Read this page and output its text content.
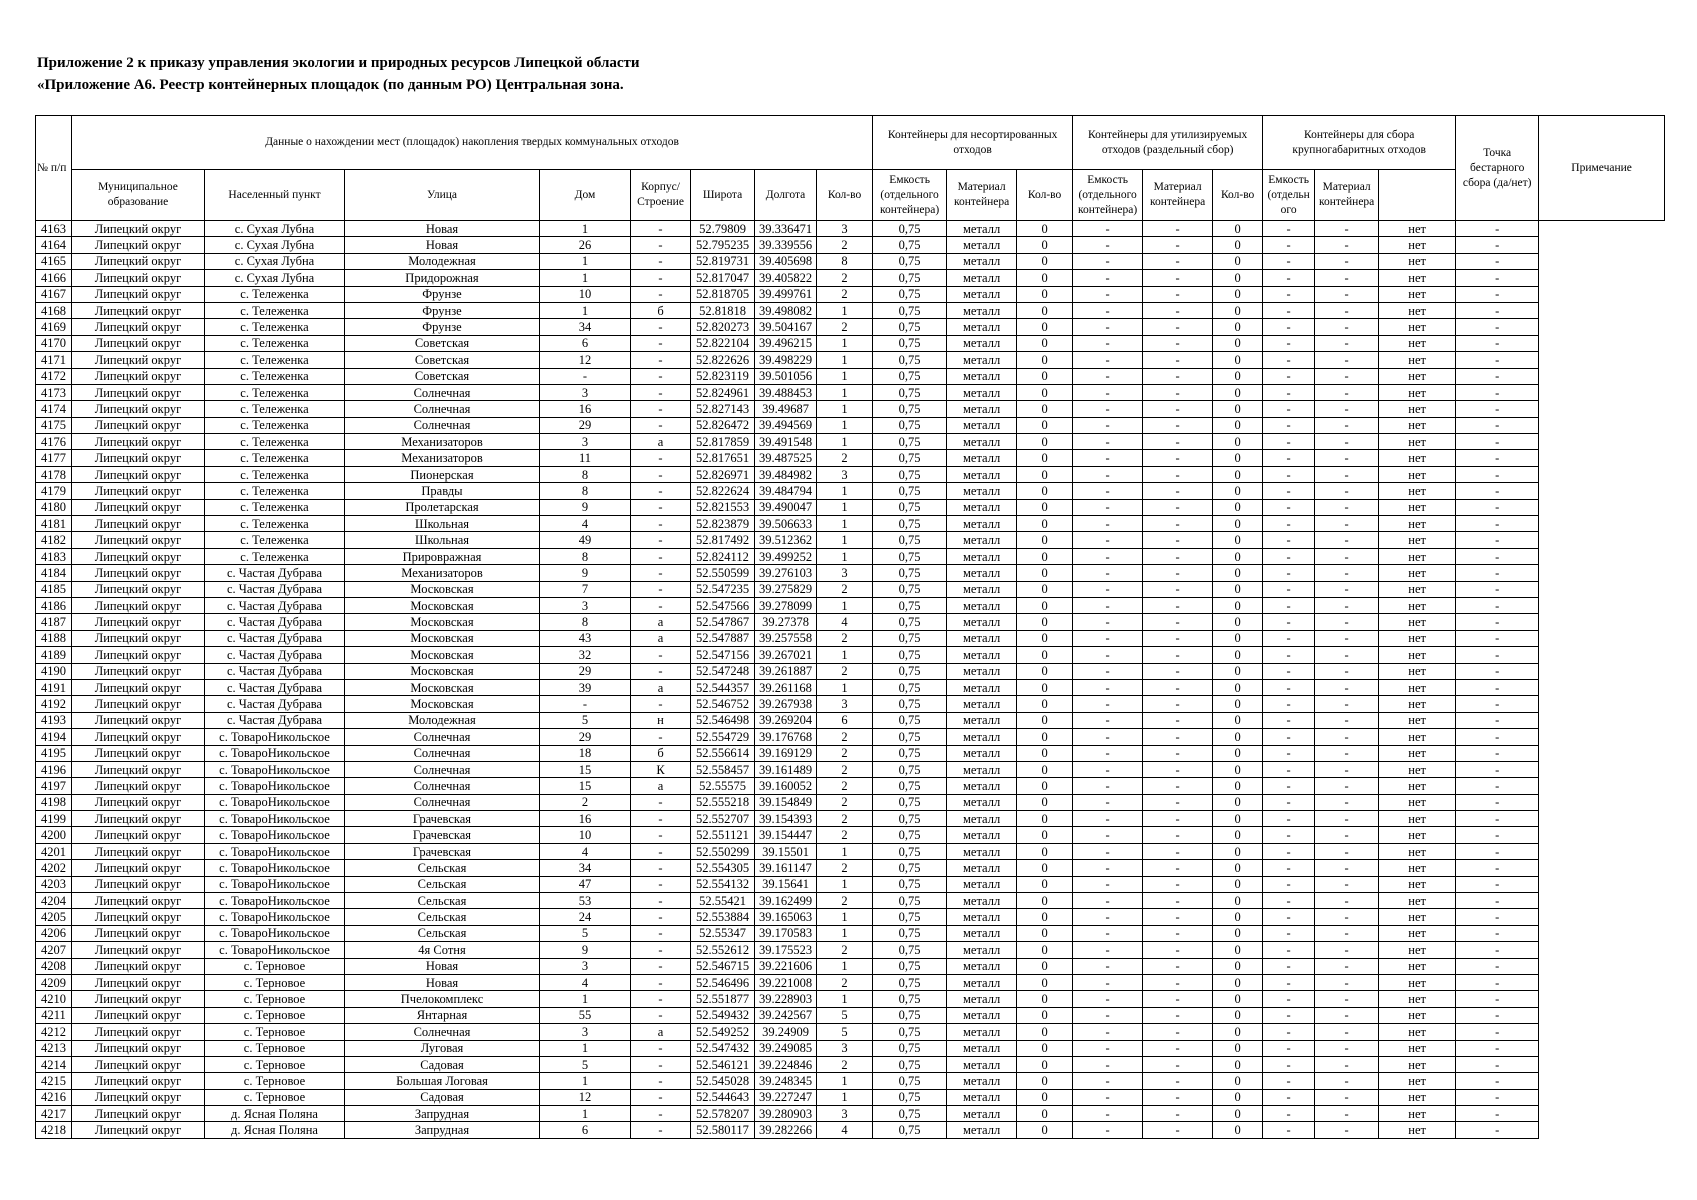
Приложение 2 к приказу управления экологии и природных ресурсов Липецкой области
«Приложение А6. Реестр контейнерных площадок (по данным РО) Центральная зона.
№ п/п	Данные о нахождении мест (площадок) накопления твердых коммунальных отходов								Контейнеры для несортированных отходов			Контейнеры для утилизируемых отходов (раздельный сбор)			Контейнеры для сбора крупногабаритных отходов			Точка бестарного сбора (да/нет)	Примечание
	Муниципальное образование	Населенный пункт	Улица	Дом	Корпус/ Строение	Широта	Долгота	Кол-во	Емкость (отдельного контейнера)	Материал контейнера	Кол-во	Емкость (отдельного контейнера)	Материал контейнера	Кол-во	Емкость (отдельн ого	Материал контейнера			
4163	Липецкий округ	с. Сухая Лубна	Новая	1	-	52.79809	39.336471	3	0,75	металл	0	-	-	0	-	-	нет	-	
4164	Липецкий округ	с. Сухая Лубна	Новая	26	-	52.795235	39.339556	2	0,75	металл	0	-	-	0	-	-	нет	-	
4165	Липецкий округ	с. Сухая Лубна	Молодежная	1	-	52.819731	39.405698	8	0,75	металл	0	-	-	0	-	-	нет	-	
4166	Липецкий округ	с. Сухая Лубна	Придорожная	1	-	52.817047	39.405822	2	0,75	металл	0	-	-	0	-	-	нет	-	
4167	Липецкий округ	с. Тележенка	Фрунзе	10	-	52.818705	39.499761	2	0,75	металл	0	-	-	0	-	-	нет	-	
4168	Липецкий округ	с. Тележенка	Фрунзе	1	б	52.81818	39.498082	1	0,75	металл	0	-	-	0	-	-	нет	-	
4169	Липецкий округ	с. Тележенка	Фрунзе	34	-	52.820273	39.504167	2	0,75	металл	0	-	-	0	-	-	нет	-	
4170	Липецкий округ	с. Тележенка	Советская	6	-	52.822104	39.496215	1	0,75	металл	0	-	-	0	-	-	нет	-	
4171	Липецкий округ	с. Тележенка	Советская	12	-	52.822626	39.498229	1	0,75	металл	0	-	-	0	-	-	нет	-	
4172	Липецкий округ	с. Тележенка	Советская	-	-	52.823119	39.501056	1	0,75	металл	0	-	-	0	-	-	нет	-	
4173	Липецкий округ	с. Тележенка	Солнечная	3	-	52.824961	39.488453	1	0,75	металл	0	-	-	0	-	-	нет	-	
4174	Липецкий округ	с. Тележенка	Солнечная	16	-	52.827143	39.49687	1	0,75	металл	0	-	-	0	-	-	нет	-	
4175	Липецкий округ	с. Тележенка	Солнечная	29	-	52.826472	39.494569	1	0,75	металл	0	-	-	0	-	-	нет	-	
4176	Липецкий округ	с. Тележенка	Механизаторов	3	а	52.817859	39.491548	1	0,75	металл	0	-	-	0	-	-	нет	-	
4177	Липецкий округ	с. Тележенка	Механизаторов	11	-	52.817651	39.487525	2	0,75	металл	0	-	-	0	-	-	нет	-	
4178	Липецкий округ	с. Тележенка	Пионерская	8	-	52.826971	39.484982	3	0,75	металл	0	-	-	0	-	-	нет	-	
4179	Липецкий округ	с. Тележенка	Правды	8	-	52.822624	39.484794	1	0,75	металл	0	-	-	0	-	-	нет	-	
4180	Липецкий округ	с. Тележенка	Пролетарская	9	-	52.821553	39.490047	1	0,75	металл	0	-	-	0	-	-	нет	-	
4181	Липецкий округ	с. Тележенка	Школьная	4	-	52.823879	39.506633	1	0,75	металл	0	-	-	0	-	-	нет	-	
4182	Липецкий округ	с. Тележенка	Школьная	49	-	52.817492	39.512362	1	0,75	металл	0	-	-	0	-	-	нет	-	
4183	Липецкий округ	с. Тележенка	Прировражная	8	-	52.824112	39.499252	1	0,75	металл	0	-	-	0	-	-	нет	-	
4184	Липецкий округ	с. Частая Дубрава	Механизаторов	9	-	52.550599	39.276103	3	0,75	металл	0	-	-	0	-	-	нет	-	
4185	Липецкий округ	с. Частая Дубрава	Московская	7	-	52.547235	39.275829	2	0,75	металл	0	-	-	0	-	-	нет	-	
4186	Липецкий округ	с. Частая Дубрава	Московская	3	-	52.547566	39.278099	1	0,75	металл	0	-	-	0	-	-	нет	-	
4187	Липецкий округ	с. Частая Дубрава	Московская	8	а	52.547867	39.27378	4	0,75	металл	0	-	-	0	-	-	нет	-	
4188	Липецкий округ	с. Частая Дубрава	Московская	43	а	52.547887	39.257558	2	0,75	металл	0	-	-	0	-	-	нет	-	
4189	Липецкий округ	с. Частая Дубрава	Московская	32	-	52.547156	39.267021	1	0,75	металл	0	-	-	0	-	-	нет	-	
4190	Липецкий округ	с. Частая Дубрава	Московская	29	-	52.547248	39.261887	2	0,75	металл	0	-	-	0	-	-	нет	-	
4191	Липецкий округ	с. Частая Дубрава	Московская	39	а	52.544357	39.261168	1	0,75	металл	0	-	-	0	-	-	нет	-	
4192	Липецкий округ	с. Частая Дубрава	Московская	-	-	52.546752	39.267938	3	0,75	металл	0	-	-	0	-	-	нет	-	
4193	Липецкий округ	с. Частая Дубрава	Молодежная	5	н	52.546498	39.269204	6	0,75	металл	0	-	-	0	-	-	нет	-	
4194	Липецкий округ	с. ТовароНикольское	Солнечная	29	-	52.554729	39.176768	2	0,75	металл	0	-	-	0	-	-	нет	-	
4195	Липецкий округ	с. ТовароНикольское	Солнечная	18	б	52.556614	39.169129	2	0,75	металл	0	-	-	0	-	-	нет	-	
4196	Липецкий округ	с. ТовароНикольское	Солнечная	15	К	52.558457	39.161489	2	0,75	металл	0	-	-	0	-	-	нет	-	
4197	Липецкий округ	с. ТовароНикольское	Солнечная	15	а	52.55575	39.160052	2	0,75	металл	0	-	-	0	-	-	нет	-	
4198	Липецкий округ	с. ТовароНикольское	Солнечная	2	-	52.555218	39.154849	2	0,75	металл	0	-	-	0	-	-	нет	-	
4199	Липецкий округ	с. ТовароНикольское	Грачевская	16	-	52.552707	39.154393	2	0,75	металл	0	-	-	0	-	-	нет	-	
4200	Липецкий округ	с. ТовароНикольское	Грачевская	10	-	52.551121	39.154447	2	0,75	металл	0	-	-	0	-	-	нет	-	
4201	Липецкий округ	с. ТовароНикольское	Грачевская	4	-	52.550299	39.15501	1	0,75	металл	0	-	-	0	-	-	нет	-	
4202	Липецкий округ	с. ТовароНикольское	Сельская	34	-	52.554305	39.161147	2	0,75	металл	0	-	-	0	-	-	нет	-	
4203	Липецкий округ	с. ТовароНикольское	Сельская	47	-	52.554132	39.15641	1	0,75	металл	0	-	-	0	-	-	нет	-	
4204	Липецкий округ	с. ТовароНикольское	Сельская	53	-	52.55421	39.162499	2	0,75	металл	0	-	-	0	-	-	нет	-	
4205	Липецкий округ	с. ТовароНикольское	Сельская	24	-	52.553884	39.165063	1	0,75	металл	0	-	-	0	-	-	нет	-	
4206	Липецкий округ	с. ТовароНикольское	Сельская	5	-	52.55347	39.170583	1	0,75	металл	0	-	-	0	-	-	нет	-	
4207	Липецкий округ	с. ТовароНикольское	4я Сотня	9	-	52.552612	39.175523	2	0,75	металл	0	-	-	0	-	-	нет	-	
4208	Липецкий округ	с. Терновое	Новая	3	-	52.546715	39.221606	1	0,75	металл	0	-	-	0	-	-	нет	-	
4209	Липецкий округ	с. Терновое	Новая	4	-	52.546496	39.221008	2	0,75	металл	0	-	-	0	-	-	нет	-	
4210	Липецкий округ	с. Терновое	Пчелокомплекс	1	-	52.551877	39.228903	1	0,75	металл	0	-	-	0	-	-	нет	-	
4211	Липецкий округ	с. Терновое	Янтарная	55	-	52.549432	39.242567	5	0,75	металл	0	-	-	0	-	-	нет	-	
4212	Липецкий округ	с. Терновое	Солнечная	3	а	52.549252	39.24909	5	0,75	металл	0	-	-	0	-	-	нет	-	
4213	Липецкий округ	с. Терновое	Луговая	1	-	52.547432	39.249085	3	0,75	металл	0	-	-	0	-	-	нет	-	
4214	Липецкий округ	с. Терновое	Садовая	5	-	52.546121	39.224846	2	0,75	металл	0	-	-	0	-	-	нет	-	
4215	Липецкий округ	с. Терновое	Большая Логовая	1	-	52.545028	39.248345	1	0,75	металл	0	-	-	0	-	-	нет	-	
4216	Липецкий округ	с. Терновое	Садовая	12	-	52.544643	39.227247	1	0,75	металл	0	-	-	0	-	-	нет	-	
4217	Липецкий округ	д. Ясная Поляна	Запрудная	1	-	52.578207	39.280903	3	0,75	металл	0	-	-	0	-	-	нет	-	
4218	Липецкий округ	д. Ясная Поляна	Запрудная	6	-	52.580117	39.282266	4	0,75	металл	0	-	-	0	-	-	нет	-	
